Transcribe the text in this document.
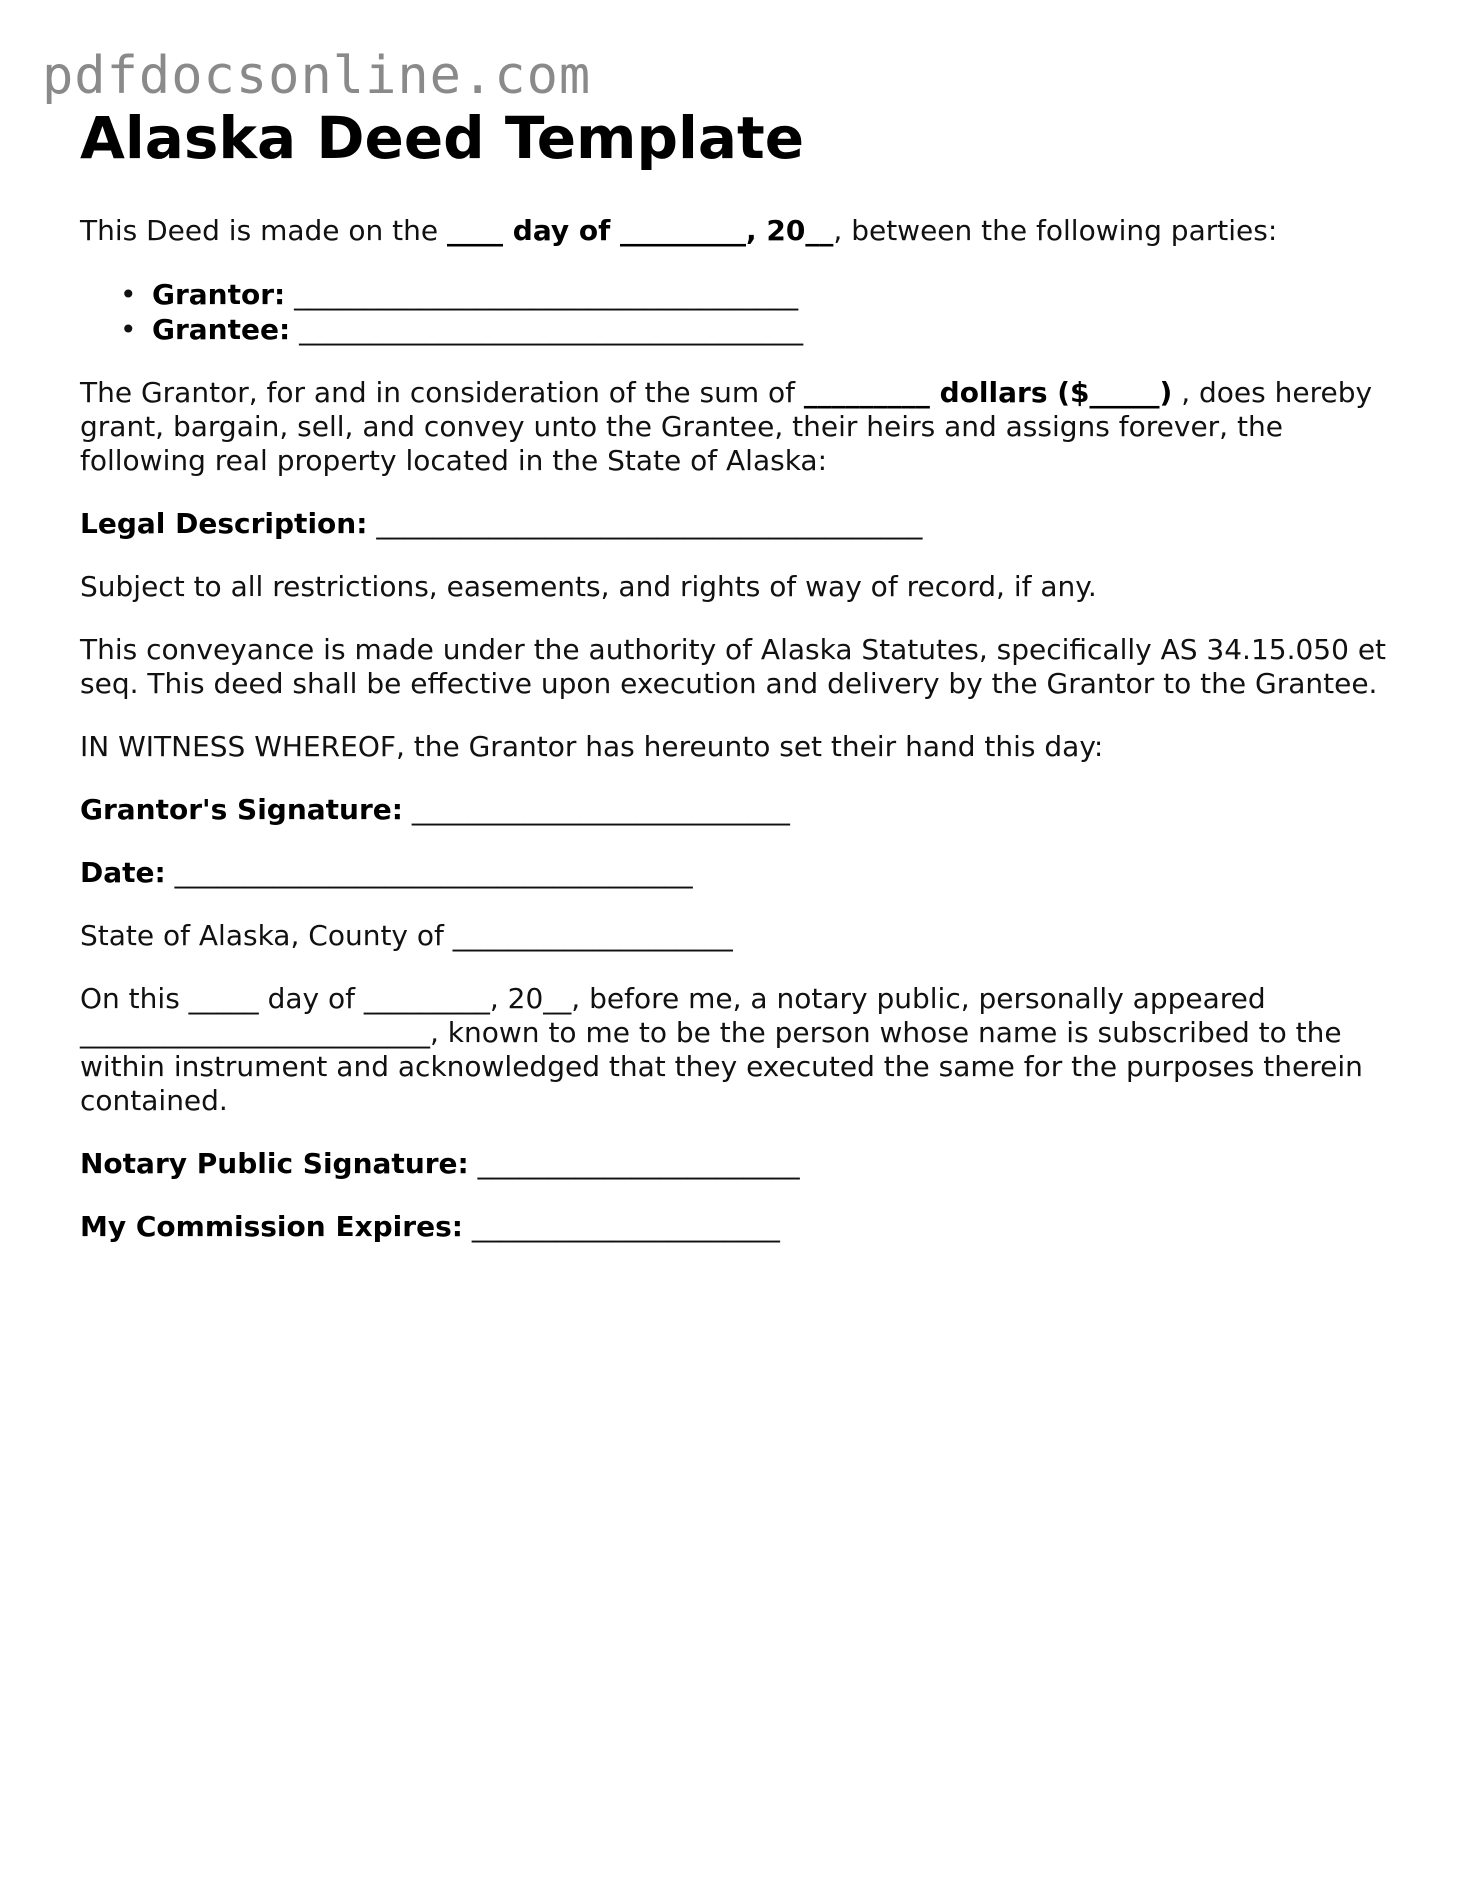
pdfdocsonline.com
Alaska Deed Template

This Deed is made on the ____ day of _________, 20__, between the following parties:

• Grantor: ____________________________________
• Grantee: ____________________________________

The Grantor, for and in consideration of the sum of _________ dollars ($_____) , does hereby grant, bargain, sell, and convey unto the Grantee, their heirs and assigns forever, the following real property located in the State of Alaska:

Legal Description: _______________________________________

Subject to all restrictions, easements, and rights of way of record, if any.

This conveyance is made under the authority of Alaska Statutes, specifically AS 34.15.050 et seq. This deed shall be effective upon execution and delivery by the Grantor to the Grantee.

IN WITNESS WHEREOF, the Grantor has hereunto set their hand this day:

Grantor's Signature: ___________________________

Date: _____________________________________

State of Alaska, County of ____________________

On this _____ day of _________, 20__, before me, a notary public, personally appeared _________________________, known to me to be the person whose name is subscribed to the within instrument and acknowledged that they executed the same for the purposes therein contained.

Notary Public Signature: _______________________

My Commission Expires: ______________________
